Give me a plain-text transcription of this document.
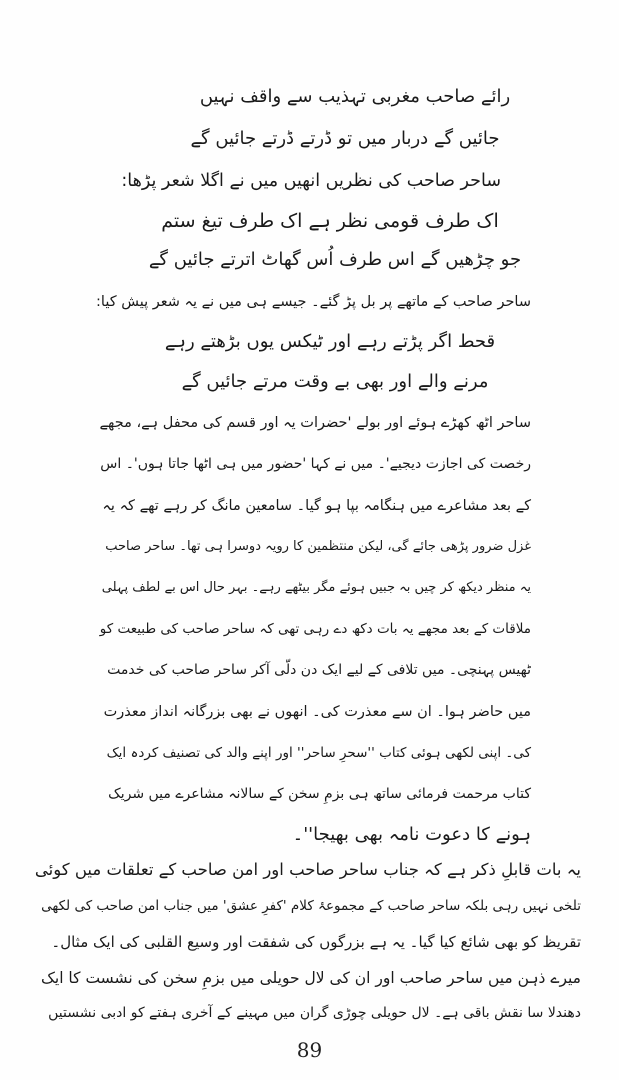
رائے صاحب مغربی تہذیب سے واقف نہیں
جائیں گے دربار میں تو ڈرتے ڈرتے جائیں گے
ساحر صاحب کی نظریں انھیں میں نے اگلا شعر پڑھا:
اک طرف قومی نظر ہے اک طرف تیغ ستم
جو چڑھیں گے اس طرف اُس گھاٹ اترتے جائیں گے
ساحر صاحب کے ماتھے پر بل پڑ گئے۔ جیسے ہی میں نے یہ شعر پیش کیا:
قحط اگر پڑتے رہے اور ٹیکس یوں بڑھتے رہے
مرنے والے اور بھی بے وقت مرتے جائیں گے
ساحر اٹھ کھڑے ہوئے اور بولے 'حضرات یہ اور قسم کی محفل ہے، مجھے
رخصت کی اجازت دیجیے'۔ میں نے کہا 'حضور میں ہی اٹھا جاتا ہوں'۔ اس
کے بعد مشاعرے میں ہنگامہ بپا ہو گیا۔ سامعین مانگ کر رہے تھے کہ یہ
غزل ضرور پڑھی جائے گی، لیکن منتظمین کا رویہ دوسرا ہی تھا۔ ساحر صاحب
یہ منظر دیکھ کر چیں بہ جبیں ہوئے مگر بیٹھے رہے۔ بہر حال اس بے لطف پہلی
ملاقات کے بعد مجھے یہ بات دکھ دے رہی تھی کہ ساحر صاحب کی طبیعت کو
ٹھیس پہنچی۔ میں تلافی کے لیے ایک دن دلّی آکر ساحر صاحب کی خدمت
میں حاضر ہوا۔ ان سے معذرت کی۔ انھوں نے بھی بزرگانہ انداز معذرت
کی۔ اپنی لکھی ہوئی کتاب ''سحرِ ساحر'' اور اپنے والد کی تصنیف کردہ ایک
کتاب مرحمت فرمائی ساتھ ہی بزمِ سخن کے سالانہ مشاعرے میں شریک
ہونے کا دعوت نامہ بھی بھیجا''۔
یہ بات قابلِ ذکر ہے کہ جناب ساحر صاحب اور امن صاحب کے تعلقات میں کوئی
تلخی نہیں رہی بلکہ ساحر صاحب کے مجموعۂ کلام 'کفرِ عشق' میں جناب امن صاحب کی لکھی
تقریظ کو بھی شائع کیا گیا۔ یہ ہے بزرگوں کی شفقت اور وسیع القلبی کی ایک مثال۔
میرے ذہن میں ساحر صاحب اور ان کی لال حویلی میں بزمِ سخن کی نشست کا ایک
دھندلا سا نقش باقی ہے۔ لال حویلی چوڑی گران میں مہینے کے آخری ہفتے کو ادبی نشستیں
89
